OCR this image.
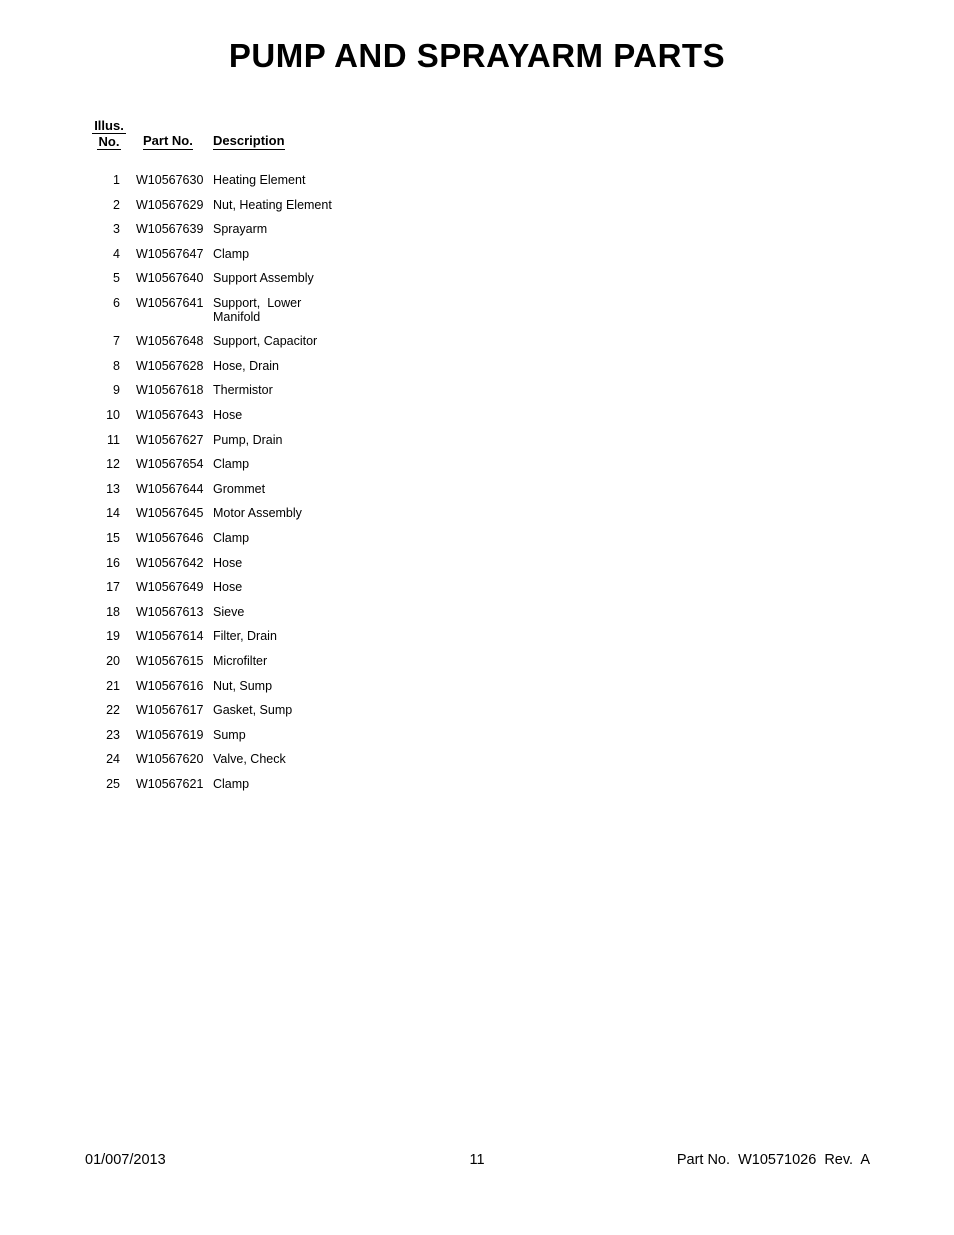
PUMP AND SPRAYARM PARTS
Illus.
No. Part No. Description
1 W10567630 Heating Element
2 W10567629 Nut, Heating Element
3 W10567639 Sprayarm
4 W10567647 Clamp
5 W10567640 Support Assembly
6 W10567641 Support,  Lower Manifold
7 W10567648 Support, Capacitor
8 W10567628 Hose, Drain
9 W10567618 Thermistor
10 W10567643 Hose
11 W10567627 Pump, Drain
12 W10567654 Clamp
13 W10567644 Grommet
14 W10567645 Motor Assembly
15 W10567646 Clamp
16 W10567642 Hose
17 W10567649 Hose
18 W10567613 Sieve
19 W10567614 Filter, Drain
20 W10567615 Microfilter
21 W10567616 Nut, Sump
22 W10567617 Gasket, Sump
23 W10567619 Sump
24 W10567620 Valve, Check
25 W10567621 Clamp
01/007/2013	11	Part No.  W10571026  Rev.  A
